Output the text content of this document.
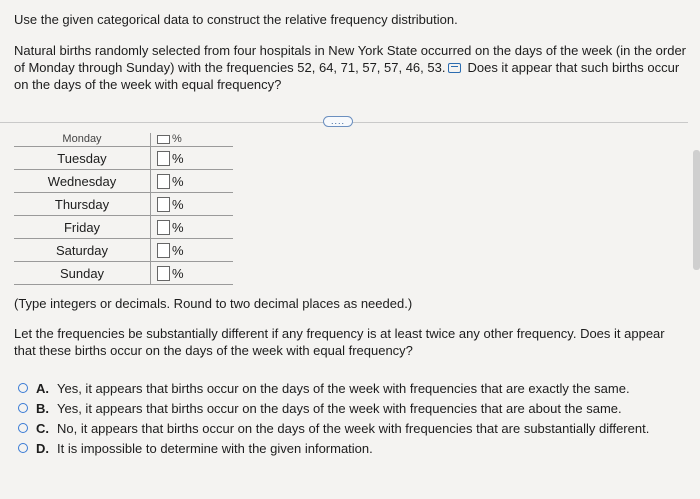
Use the given categorical data to construct the relative frequency distribution.
Natural births randomly selected from four hospitals in New York State occurred on the days of the week (in the order of Monday through Sunday) with the frequencies 52, 64, 71, 57, 57, 46, 53. Does it appear that such births occur on the days of the week with equal frequency?
....
Monday	%
Tuesday	%
Wednesday	%
Thursday	%
Friday	%
Saturday	%
Sunday	%
(Type integers or decimals. Round to two decimal places as needed.)
Let the frequencies be substantially different if any frequency is at least twice any other frequency. Does it appear that these births occur on the days of the week with equal frequency?
A. Yes, it appears that births occur on the days of the week with frequencies that are exactly the same.
B. Yes, it appears that births occur on the days of the week with frequencies that are about the same.
C. No, it appears that births occur on the days of the week with frequencies that are substantially different.
D. It is impossible to determine with the given information.
